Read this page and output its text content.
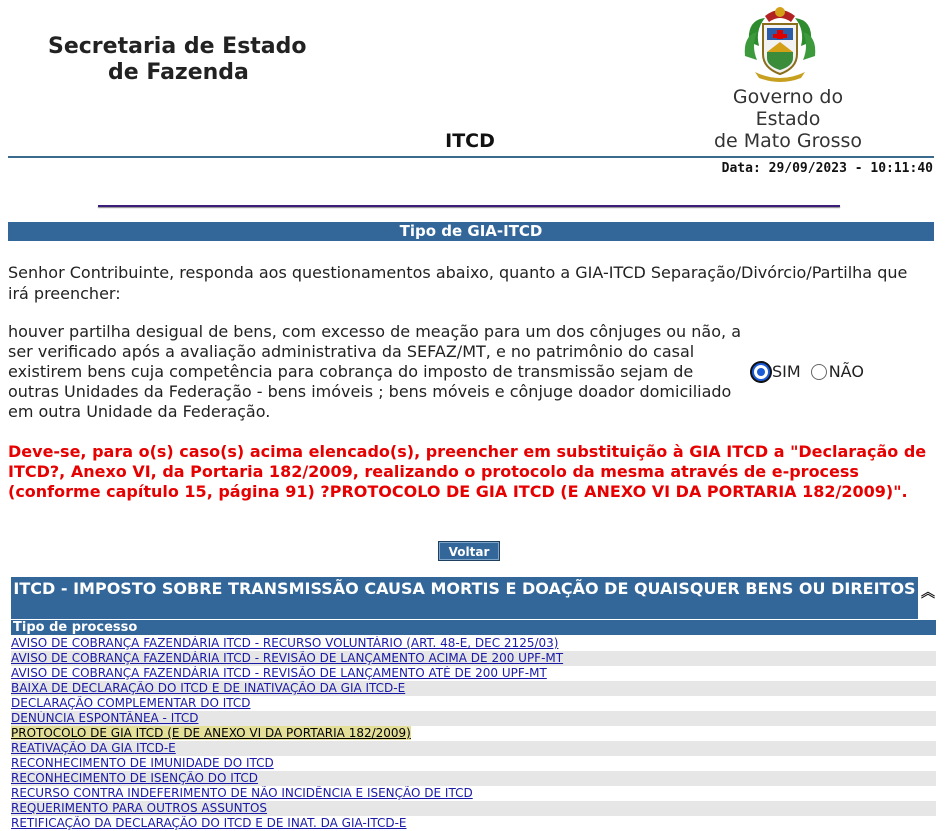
Secretaria de Estado
de Fazenda
Governo do Estado
de Mato Grosso
ITCD
Data: 29/09/2023 - 10:11:40
Tipo de GIA-ITCD
Senhor Contribuinte, responda aos questionamentos abaixo, quanto a GIA-ITCD Separação/Divórcio/Partilha que irá preencher:
houver partilha desigual de bens, com excesso de meação para um dos cônjuges ou não, a ser verificado após a avaliação administrativa da SEFAZ/MT, e no patrimônio do casal existirem bens cuja competência para cobrança do imposto de transmissão sejam de outras Unidades da Federação - bens imóveis ; bens móveis e cônjuge doador domiciliado em outra Unidade da Federação.
SIM NÃO
Deve-se, para o(s) caso(s) acima elencado(s), preencher em substituição à GIA ITCD a "Declaração de ITCD?, Anexo VI, da Portaria 182/2009, realizando o protocolo da mesma através de e-process (conforme capítulo 15, página 91) ?PROTOCOLO DE GIA ITCD (E ANEXO VI DA PORTARIA 182/2009)".
Voltar
ITCD - IMPOSTO SOBRE TRANSMISSÃO CAUSA MORTIS E DOAÇÃO DE QUAISQUER BENS OU DIREITOS ︽
Tipo de processo
AVISO DE COBRANÇA FAZENDÁRIA ITCD - RECURSO VOLUNTÁRIO (ART. 48-E, DEC 2125/03)
AVISO DE COBRANÇA FAZENDÁRIA ITCD - REVISÃO DE LANÇAMENTO ACIMA DE 200 UPF-MT
AVISO DE COBRANÇA FAZENDÁRIA ITCD - REVISÃO DE LANÇAMENTO ATÉ DE 200 UPF-MT
BAIXA DE DECLARAÇÃO DO ITCD E DE INATIVAÇÃO DA GIA ITCD-E
DECLARAÇÃO COMPLEMENTAR DO ITCD
DENÚNCIA ESPONTÂNEA - ITCD
PROTOCOLO DE GIA ITCD (E DE ANEXO VI DA PORTARIA 182/2009)
REATIVAÇÃO DA GIA ITCD-E
RECONHECIMENTO DE IMUNIDADE DO ITCD
RECONHECIMENTO DE ISENÇÃO DO ITCD
RECURSO CONTRA INDEFERIMENTO DE NÃO INCIDÊNCIA E ISENÇÃO DE ITCD
REQUERIMENTO PARA OUTROS ASSUNTOS
RETIFICAÇÃO DA DECLARAÇÃO DO ITCD E DE INAT. DA GIA-ITCD-E
